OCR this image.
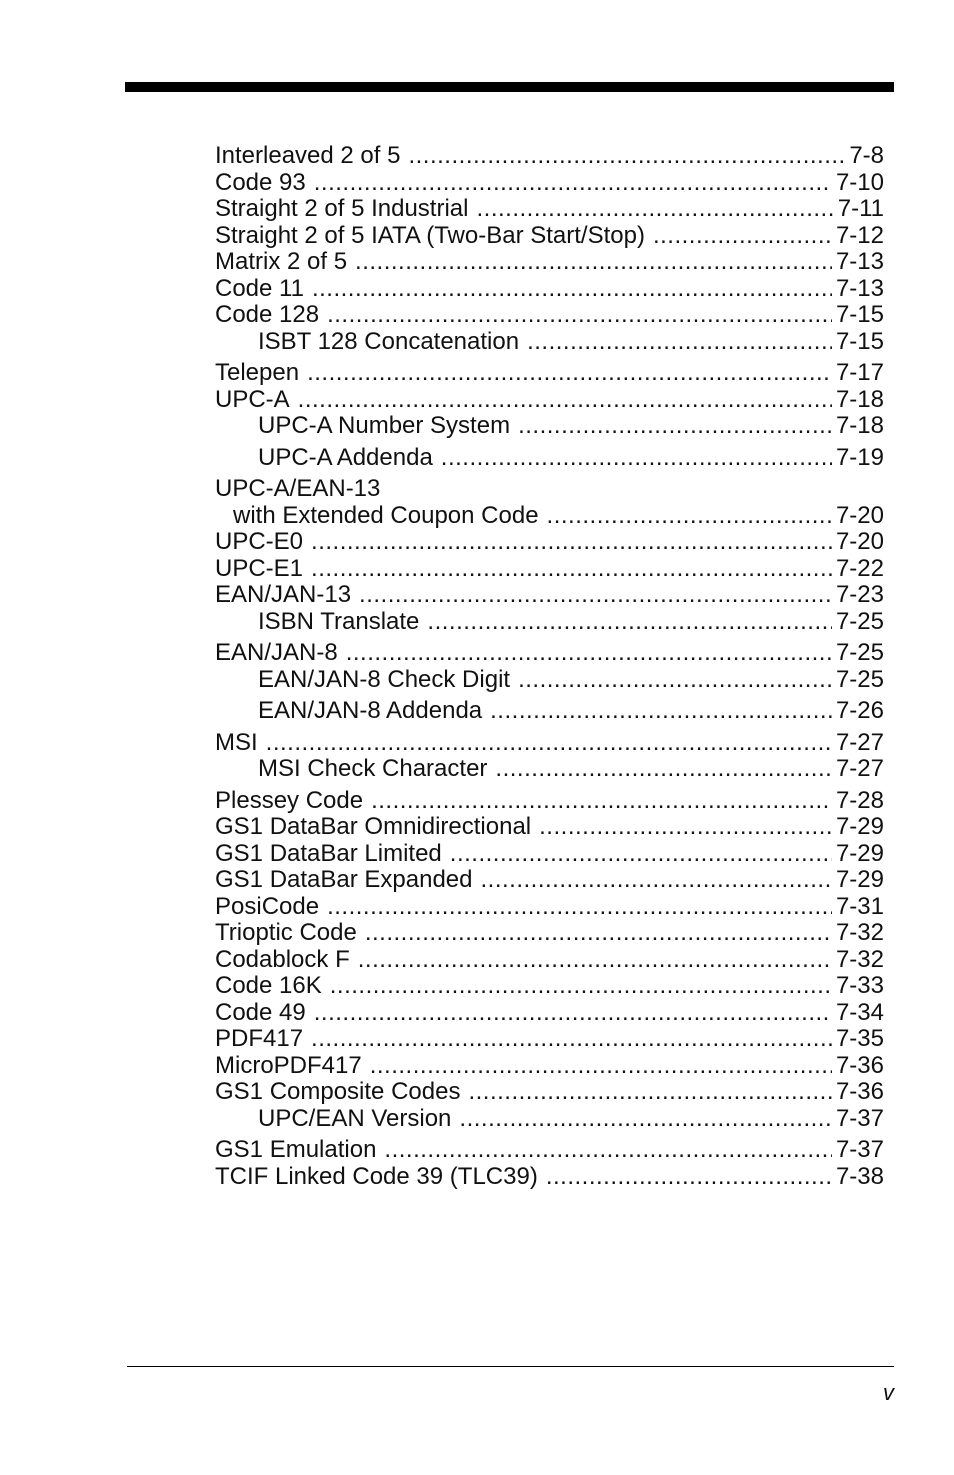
Interleaved 2 of 5 .....	7-8
Code 93 .....	7-10
Straight 2 of 5 Industrial .....	7-11
Straight 2 of 5 IATA (Two-Bar Start/Stop) .....	7-12
Matrix 2 of 5 .....	7-13
Code 11 .....	7-13
Code 128 .....	7-15
ISBT 128 Concatenation .....	7-15
Telepen .....	7-17
UPC-A .....	7-18
UPC-A Number System .....	7-18
UPC-A Addenda .....	7-19
UPC-A/EAN-13
with Extended Coupon Code .....	7-20
UPC-E0 .....	7-20
UPC-E1 .....	7-22
EAN/JAN-13 .....	7-23
ISBN Translate .....	7-25
EAN/JAN-8 .....	7-25
EAN/JAN-8 Check Digit .....	7-25
EAN/JAN-8 Addenda .....	7-26
MSI .....	7-27
MSI Check Character .....	7-27
Plessey Code .....	7-28
GS1 DataBar Omnidirectional .....	7-29
GS1 DataBar Limited .....	7-29
GS1 DataBar Expanded .....	7-29
PosiCode .....	7-31
Trioptic Code .....	7-32
Codablock F .....	7-32
Code 16K .....	7-33
Code 49 .....	7-34
PDF417 .....	7-35
MicroPDF417 .....	7-36
GS1 Composite Codes .....	7-36
UPC/EAN Version .....	7-37
GS1 Emulation .....	7-37
TCIF Linked Code 39 (TLC39) .....	7-38
v
